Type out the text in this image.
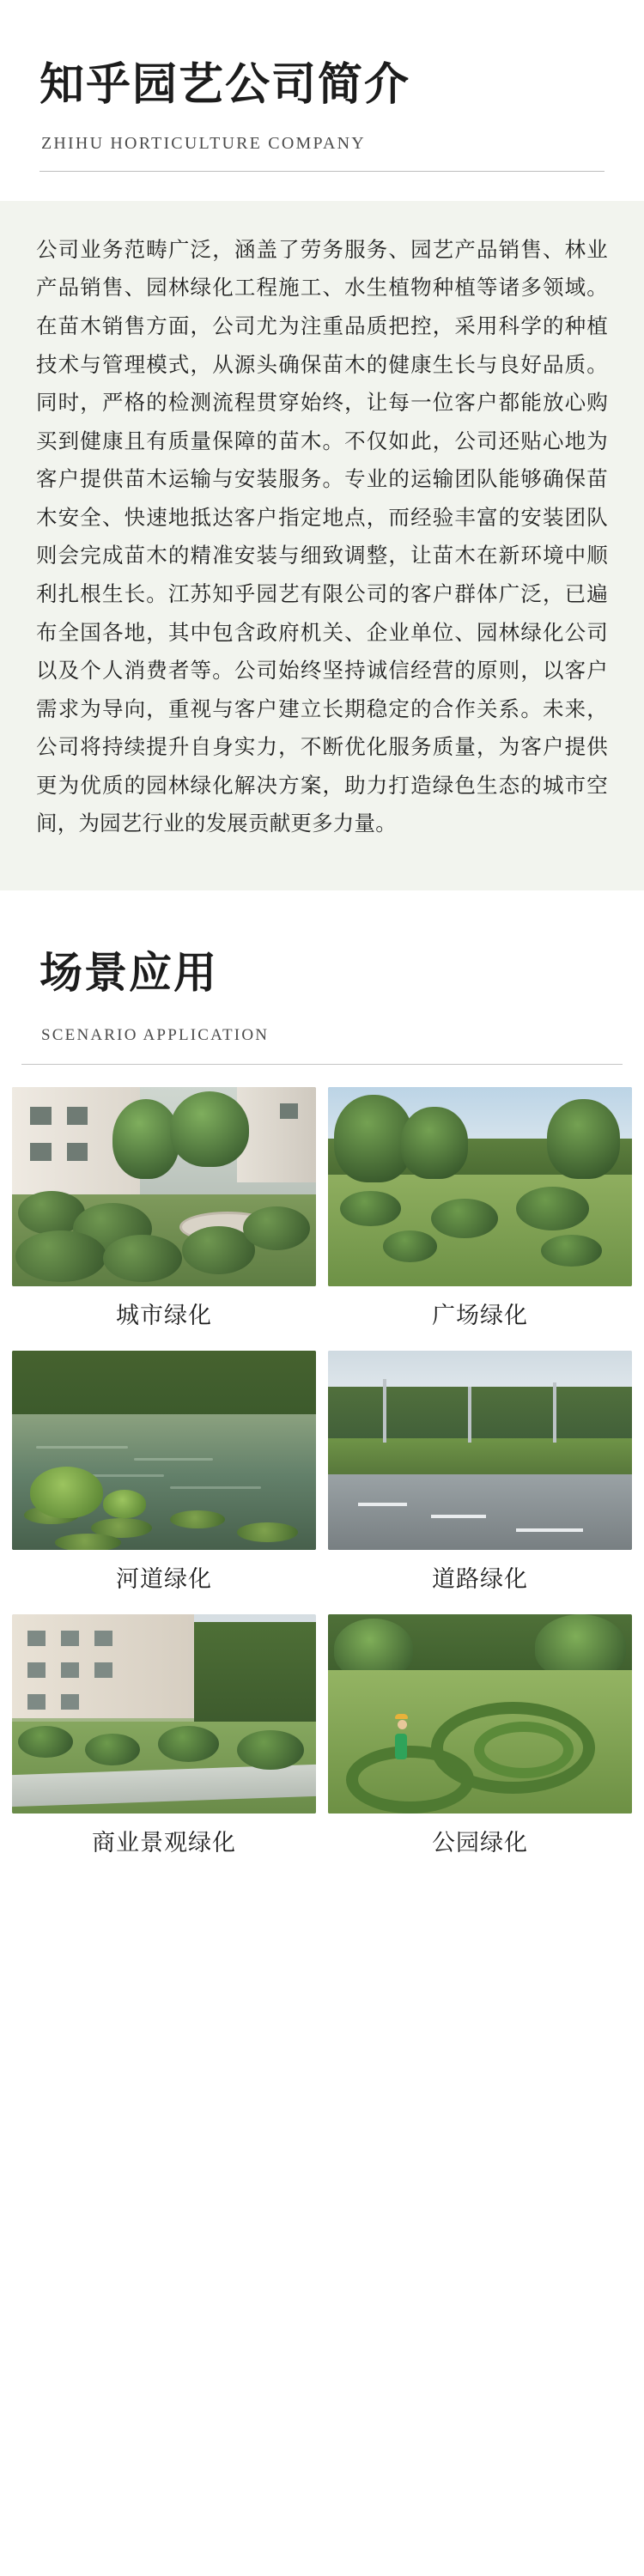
知乎园艺公司简介
ZHIHU HORTICULTURE COMPANY

公司业务范畴广泛，涵盖了劳务服务、园艺产品销售、林业产品销售、园林绿化工程施工、水生植物种植等诸多领域。在苗木销售方面，公司尤为注重品质把控，采用科学的种植技术与管理模式，从源头确保苗木的健康生长与良好品质。同时，严格的检测流程贯穿始终，让每一位客户都能放心购买到健康且有质量保障的苗木。不仅如此，公司还贴心地为客户提供苗木运输与安装服务。专业的运输团队能够确保苗木安全、快速地抵达客户指定地点，而经验丰富的安装团队则会完成苗木的精准安装与细致调整，让苗木在新环境中顺利扎根生长。江苏知乎园艺有限公司的客户群体广泛，已遍布全国各地，其中包含政府机关、企业单位、园林绿化公司以及个人消费者等。公司始终坚持诚信经营的原则，以客户需求为导向，重视与客户建立长期稳定的合作关系。未来，公司将持续提升自身实力，不断优化服务质量，为客户提供更为优质的园林绿化解决方案，助力打造绿色生态的城市空间，为园艺行业的发展贡献更多力量。

场景应用
SCENARIO APPLICATION
城市绿化	广场绿化
河道绿化	道路绿化
商业景观绿化	公园绿化
